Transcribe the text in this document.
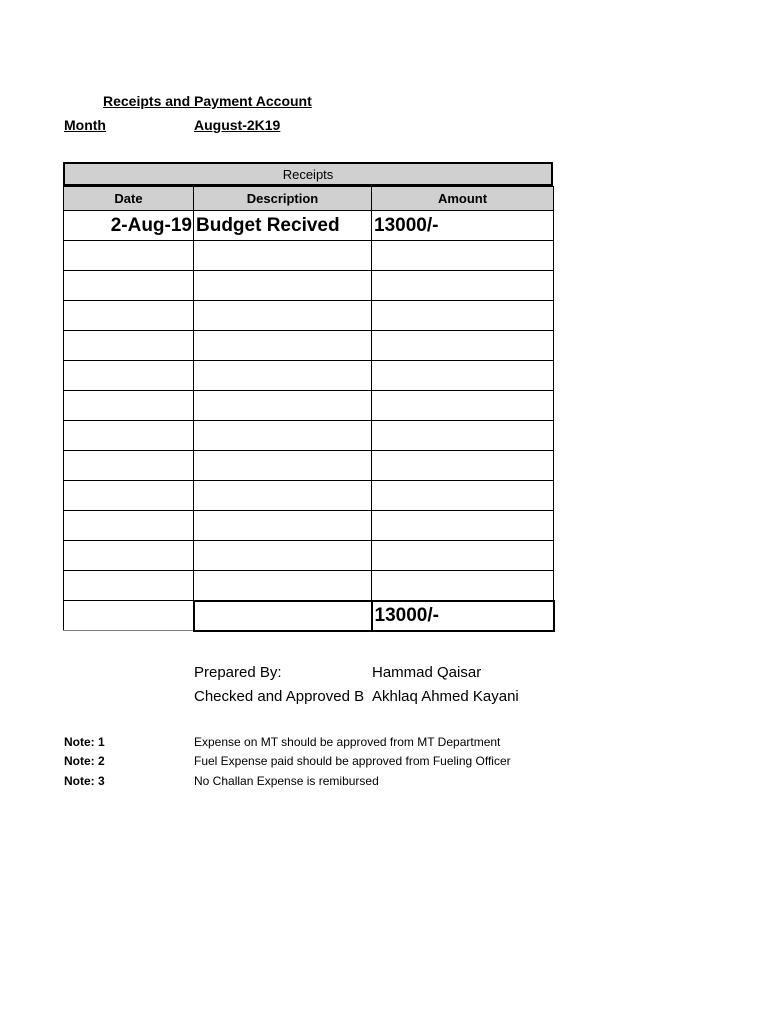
Receipts and Payment Account
Month	August-2K19
Receipts
Date	Description	Amount
2-Aug-19	Budget Recived	13000/-

		13000/-
Prepared By:	Hammad Qaisar
Checked and Approved B Akhlaq Ahmed Kayani
Note: 1	Expense on MT should be approved from MT Department
Note: 2	Fuel Expense paid should be approved from Fueling Officer
Note: 3	No Challan Expense is remibursed
